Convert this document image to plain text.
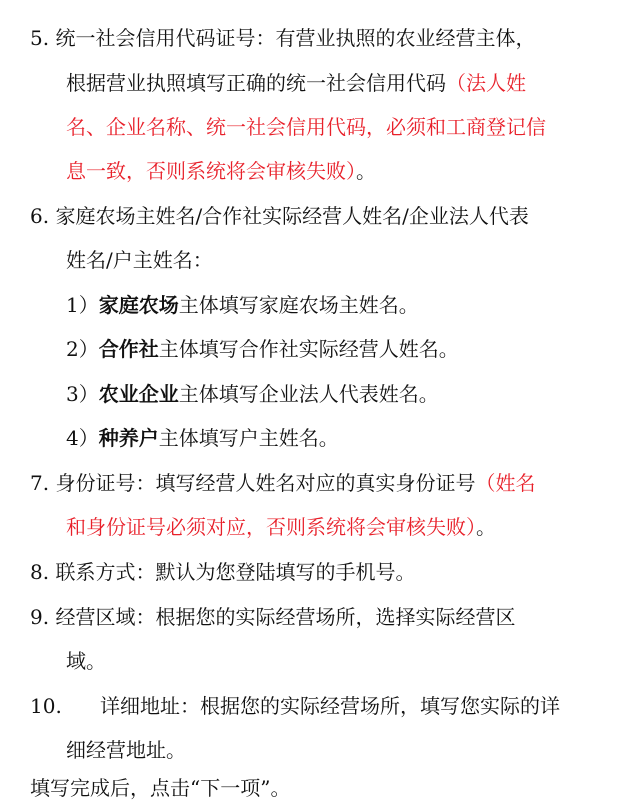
5. 统一社会信用代码证号：有营业执照的农业经营主体，
根据营业执照填写正确的统一社会信用代码（法人姓
名、企业名称、统一社会信用代码，必须和工商登记信
息一致，否则系统将会审核失败）。
6. 家庭农场主姓名/合作社实际经营人姓名/企业法人代表
姓名/户主姓名：
1）家庭农场主体填写家庭农场主姓名。
2）合作社主体填写合作社实际经营人姓名。
3）农业企业主体填写企业法人代表姓名。
4）种养户主体填写户主姓名。
7. 身份证号：填写经营人姓名对应的真实身份证号（姓名
和身份证号必须对应，否则系统将会审核失败）。
8. 联系方式：默认为您登陆填写的手机号。
9. 经营区域：根据您的实际经营场所，选择实际经营区
域。
10. 详细地址：根据您的实际经营场所，填写您实际的详
细经营地址。
填写完成后，点击“下一项”。
